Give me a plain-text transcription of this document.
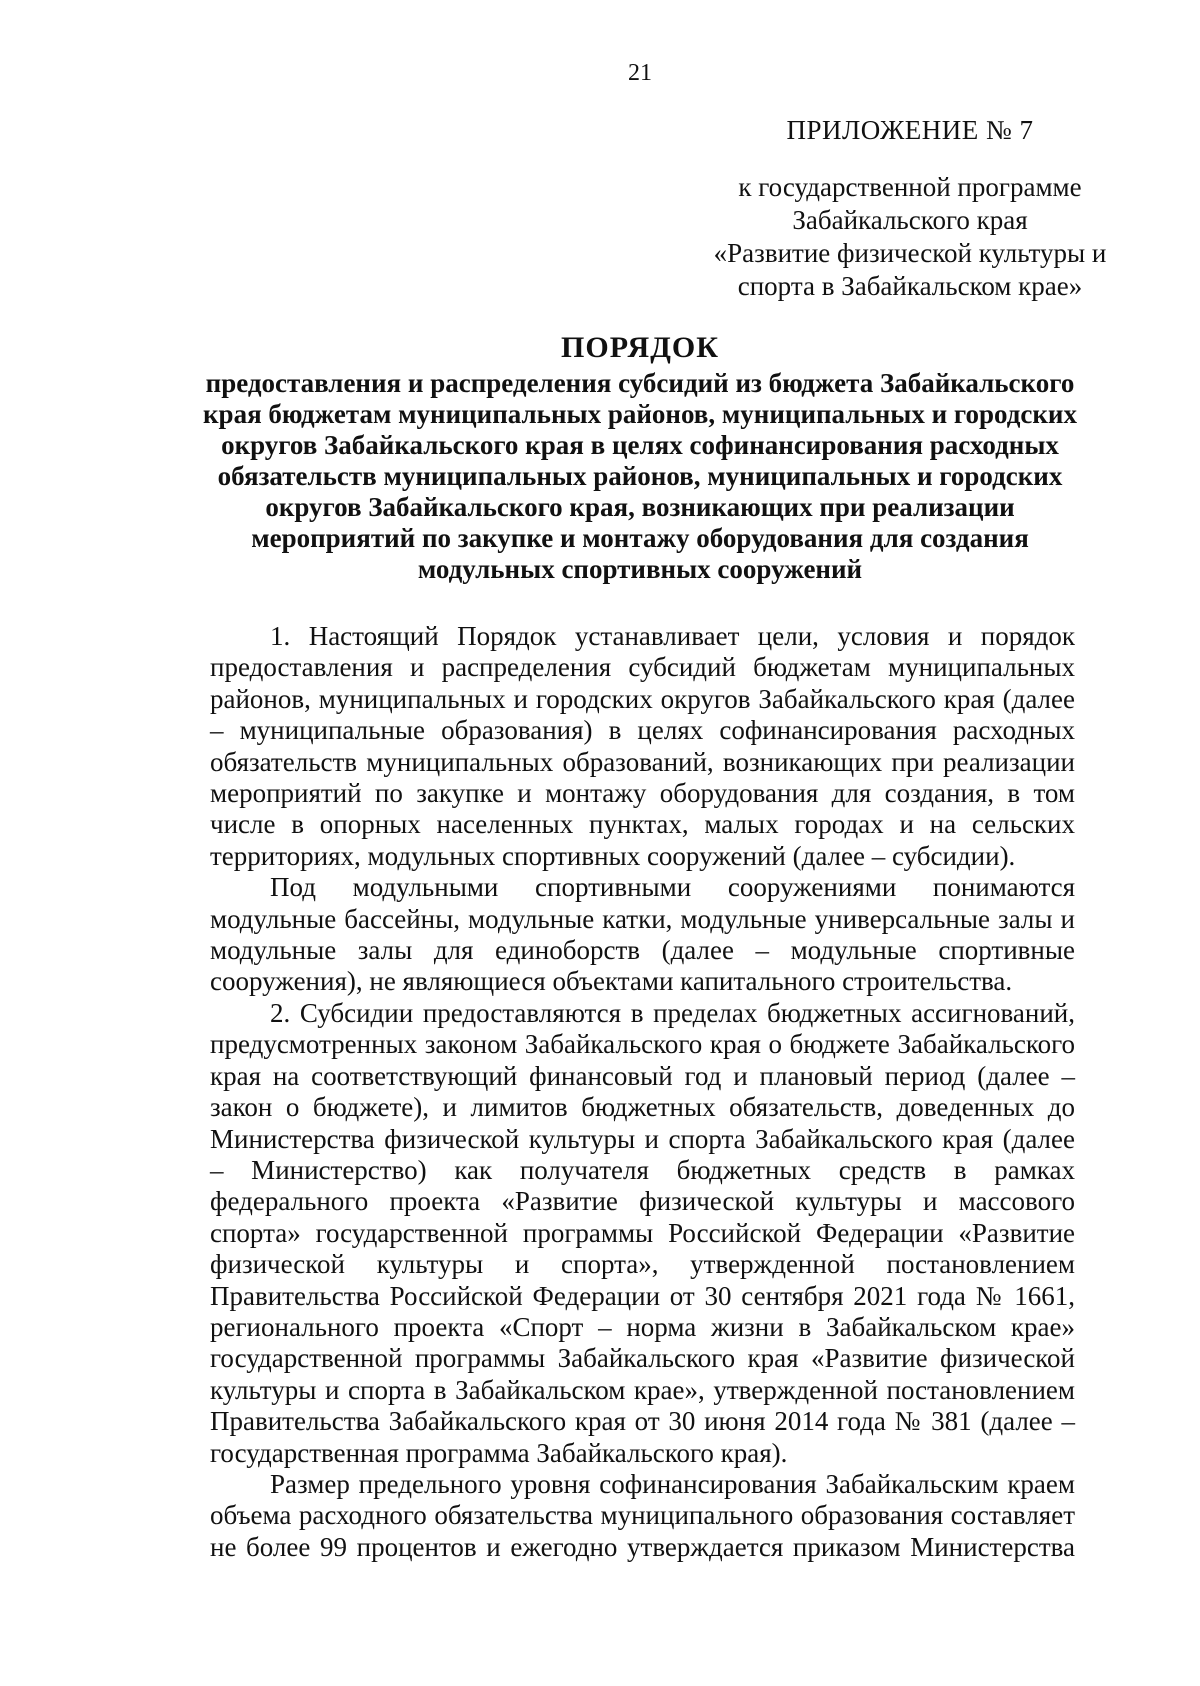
21
ПРИЛОЖЕНИЕ № 7
к государственной программе
Забайкальского края
«Развитие физической культуры и
спорта в Забайкальском крае»
ПОРЯДОК
предоставления и распределения субсидий из бюджета Забайкальского края бюджетам муниципальных районов, муниципальных и городских округов Забайкальского края в целях софинансирования расходных обязательств муниципальных районов, муниципальных и городских округов Забайкальского края, возникающих при реализации мероприятий по закупке и монтажу оборудования для создания модульных спортивных сооружений

1. Настоящий Порядок устанавливает цели, условия и порядок предоставления и распределения субсидий бюджетам муниципальных районов, муниципальных и городских округов Забайкальского края (далее – муниципальные образования) в целях софинансирования расходных обязательств муниципальных образований, возникающих при реализации мероприятий по закупке и монтажу оборудования для создания, в том числе в опорных населенных пунктах, малых городах и на сельских территориях, модульных спортивных сооружений (далее – субсидии).

Под модульными спортивными сооружениями понимаются модульные бассейны, модульные катки, модульные универсальные залы и модульные залы для единоборств (далее – модульные спортивные сооружения), не являющиеся объектами капитального строительства.

2. Субсидии предоставляются в пределах бюджетных ассигнований, предусмотренных законом Забайкальского края о бюджете Забайкальского края на соответствующий финансовый год и плановый период (далее – закон о бюджете), и лимитов бюджетных обязательств, доведенных до Министерства физической культуры и спорта Забайкальского края (далее – Министерство) как получателя бюджетных средств в рамках федерального проекта «Развитие физической культуры и массового спорта» государственной программы Российской Федерации «Развитие физической культуры и спорта», утвержденной постановлением Правительства Российской Федерации от 30 сентября 2021 года № 1661, регионального проекта «Спорт – норма жизни в Забайкальском крае» государственной программы Забайкальского края «Развитие физической культуры и спорта в Забайкальском крае», утвержденной постановлением Правительства Забайкальского края от 30 июня 2014 года № 381 (далее – государственная программа Забайкальского края).

Размер предельного уровня софинансирования Забайкальским краем объема расходного обязательства муниципального образования составляет не более 99 процентов и ежегодно утверждается приказом Министерства
